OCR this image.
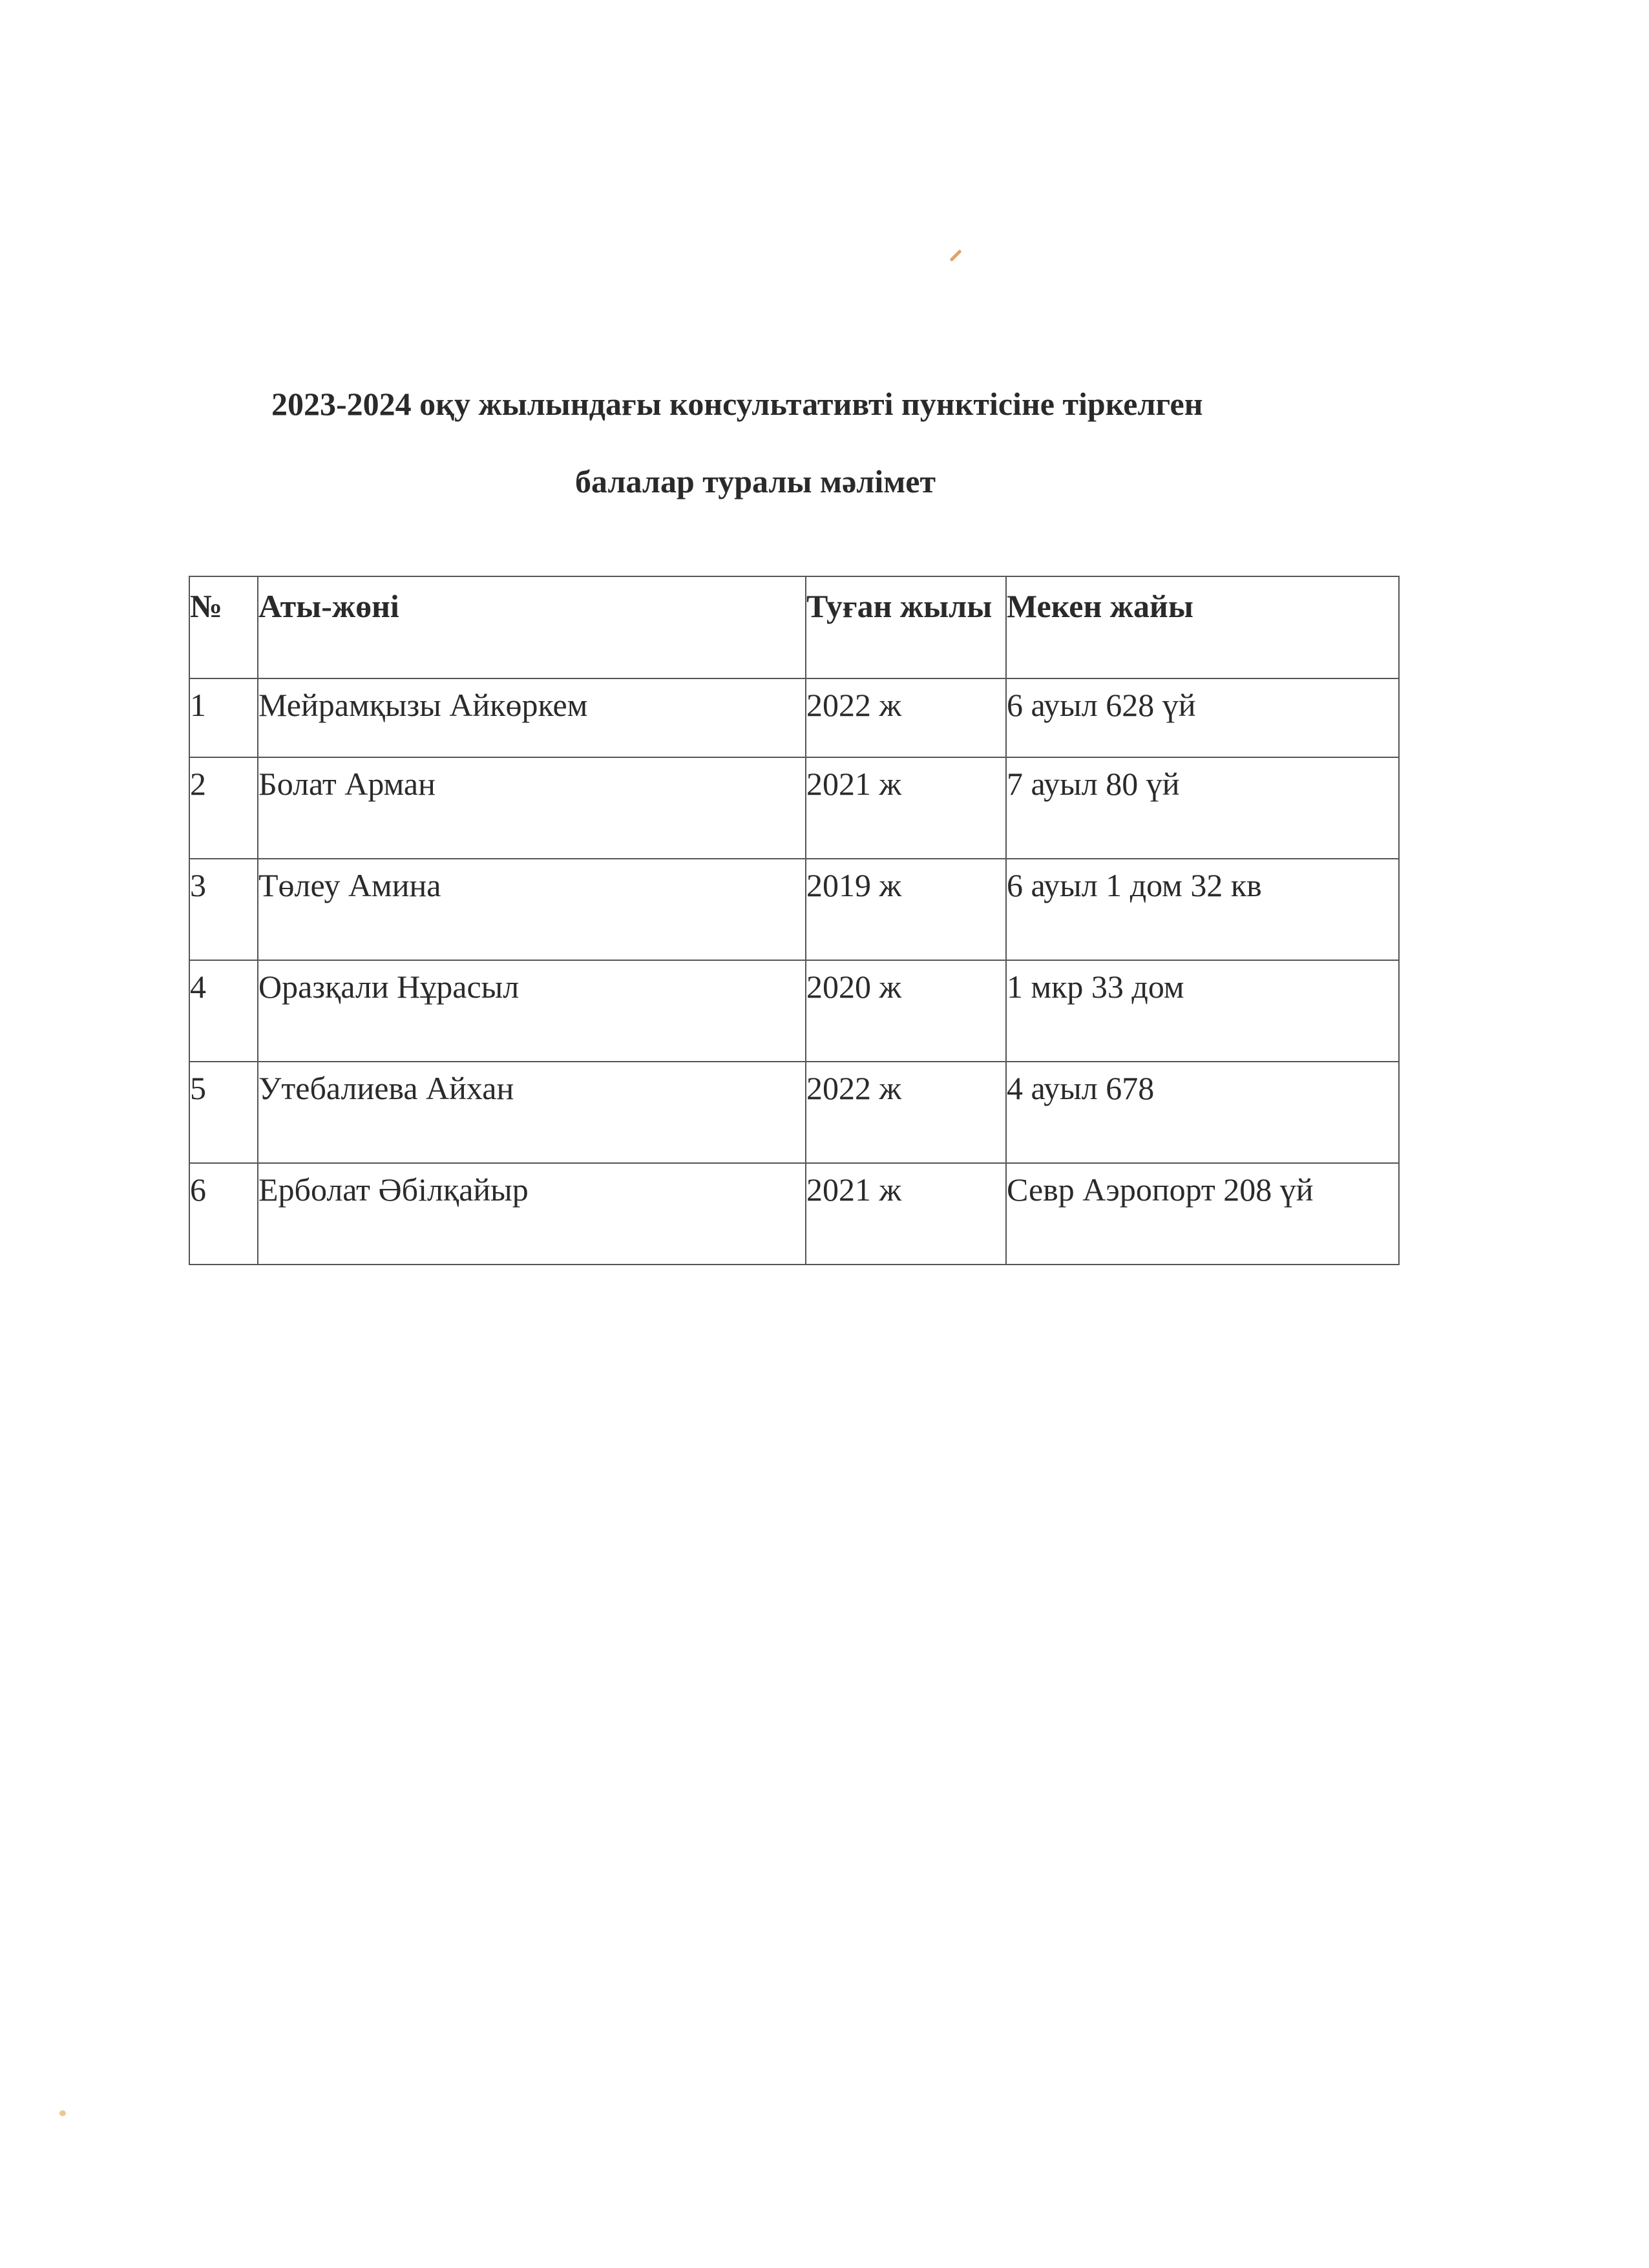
2023-2024 оқу жылындағы консультативті пунктісіне тіркелген
балалар туралы мәлімет
№	Аты-жөні	Туған жылы	Мекен жайы
1	Мейрамқызы Айкөркем	2022 ж	6 ауыл 628 үй
2	Болат Арман	2021 ж	7 ауыл 80 үй
3	Төлеу Амина	2019 ж	6 ауыл 1 дом 32 кв
4	Оразқали Нұрасыл	2020 ж	1 мкр 33 дом
5	Утебалиева Айхан	2022 ж	4 ауыл 678
6	Ерболат Әбілқайыр	2021 ж	Севр Аэропорт 208 үй
